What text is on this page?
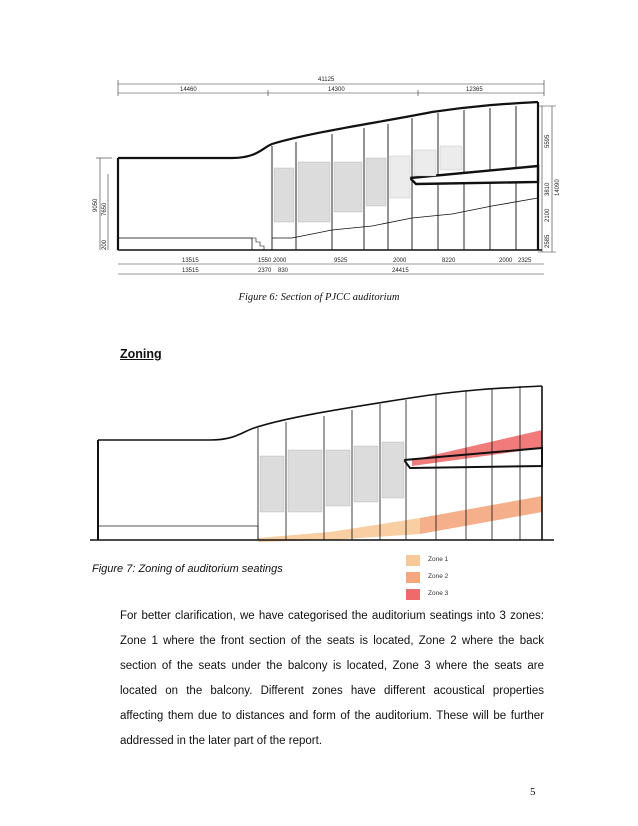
41125
14460	14300	12365
9050 7650
200
5595
3810
2100
2585
14090
13515	1550 2000	9525	2000	8220	2000 2325
13515	2370 830	24415
Figure 6: Section of PJCC auditorium
Zoning
Figure 7: Zoning of auditorium seatings
Zone 1
Zone 2
Zone 3
For better clarification, we have categorised the auditorium seatings into 3 zones: Zone 1 where the front section of the seats is located, Zone 2 where the back section of the seats under the balcony is located, Zone 3 where the seats are located on the balcony. Different zones have different acoustical properties affecting them due to distances and form of the auditorium. These will be further addressed in the later part of the report.
5
